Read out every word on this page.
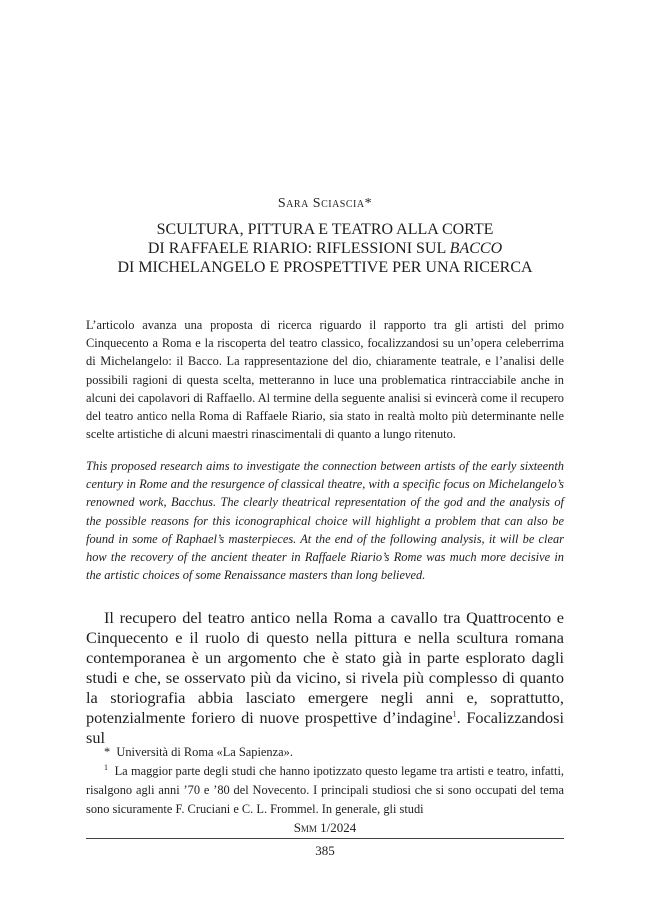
Sara Sciascia*
SCULTURA, PITTURA E TEATRO ALLA CORTE
DI RAFFAELE RIARIO: RIFLESSIONI SUL BACCO
DI MICHELANGELO E PROSPETTIVE PER UNA RICERCA

L’articolo avanza una proposta di ricerca riguardo il rapporto tra gli artisti del primo Cinquecento a Roma e la riscoperta del teatro classico, focalizzandosi su un’opera celeberrima di Michelangelo: il Bacco. La rappresentazione del dio, chiaramente teatrale, e l’analisi delle possibili ragioni di questa scelta, metteranno in luce una problematica rintracciabile anche in alcuni dei capolavori di Raffaello. Al termine della seguente analisi si evincerà come il recupero del teatro antico nella Roma di Raffaele Riario, sia stato in realtà molto più determinante nelle scelte artistiche di alcuni maestri rinascimentali di quanto a lungo ritenuto.

This proposed research aims to investigate the connection between artists of the early sixteenth century in Rome and the resurgence of classical theatre, with a specific focus on Michelangelo’s renowned work, Bacchus. The clearly theatrical representation of the god and the analysis of the possible reasons for this iconographical choice will highlight a problem that can also be found in some of Raphael’s masterpieces. At the end of the following analysis, it will be clear how the recovery of the ancient theater in Raffaele Riario’s Rome was much more decisive in the artistic choices of some Renaissance masters than long believed.

Il recupero del teatro antico nella Roma a cavallo tra Quattrocento e Cinquecento e il ruolo di questo nella pittura e nella scultura romana contemporanea è un argomento che è stato già in parte esplorato dagli studi e che, se osservato più da vicino, si rivela più complesso di quanto la storiografia abbia lasciato emergere negli anni e, soprattutto, potenzialmente foriero di nuove prospettive d’indagine$^1$. Focalizzandosi sul

* Università di Roma «La Sapienza».

$^1$ La maggior parte degli studi che hanno ipotizzato questo legame tra artisti e teatro, infatti, risalgono agli anni ’70 e ’80 del Novecento. I principali studiosi che si sono occupati del tema sono sicuramente F. Cruciani e C. L. Frommel. In generale, gli studi

Smm 1/2024
385
